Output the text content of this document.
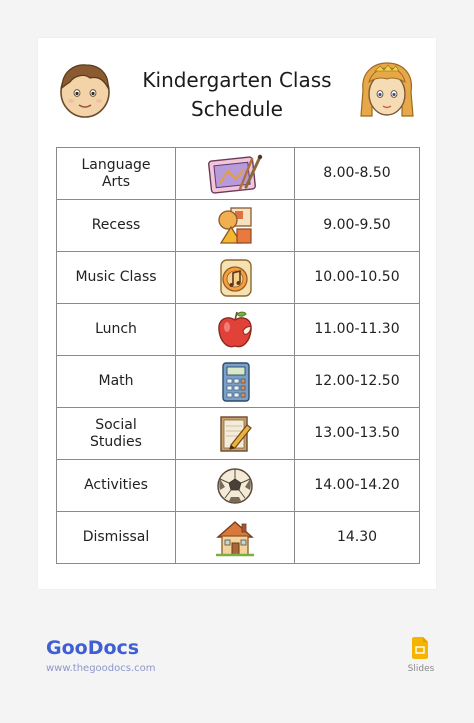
Kindergarten Class
Schedule
Language Arts		8.00-8.50
Recess		9.00-9.50
Music Class		10.00-10.50
Lunch		11.00-11.30
Math		12.00-12.50
Social Studies		13.00-13.50
Activities		14.00-14.20
Dismissal		14.30
GooDocs
www.thegoodocs.com	Slides
